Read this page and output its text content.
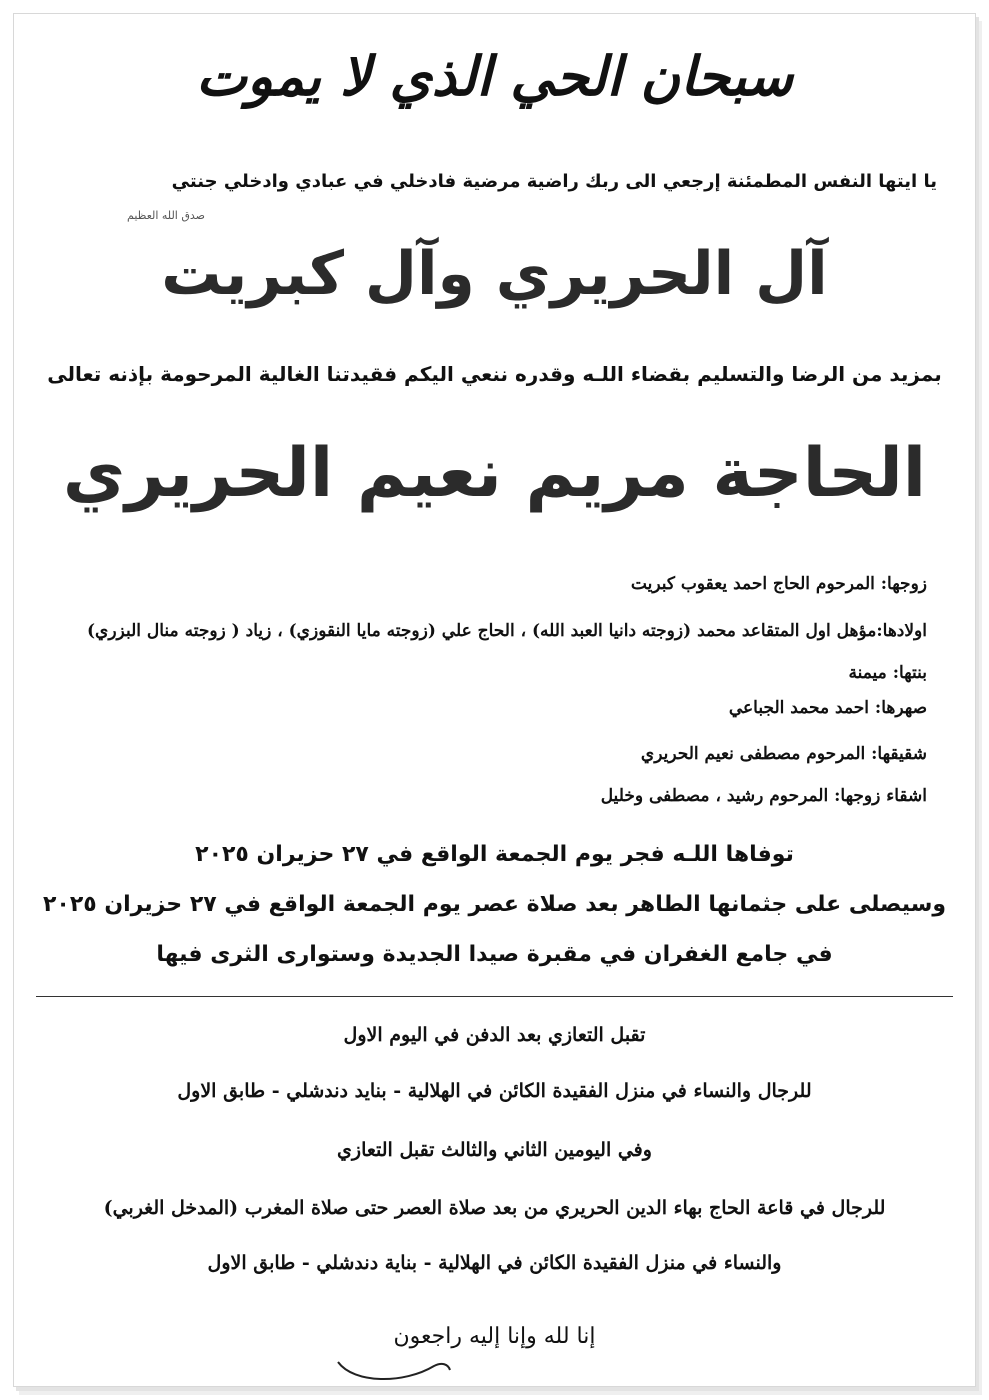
سبحان الحي الذي لا يموت
يا ايتها النفس المطمئنة إرجعي الى ربك راضية مرضية فادخلي في عبادي وادخلي جنتي
صدق الله العظيم
آل الحريري وآل كبريت
بمزيد من الرضا والتسليم بقضاء اللـه وقدره ننعي اليكم فقيدتنا الغالية المرحومة بإذنه تعالى
الحاجة مريم نعيم الحريري
زوجها: المرحوم الحاج احمد يعقوب كبريت
اولادها:مؤهل اول المتقاعد محمد (زوجته دانيا العبد الله) ، الحاج علي (زوجته مايا النقوزي) ، زياد ( زوجته منال البزري)
بنتها: ميمنة
صهرها: احمد محمد الجباعي
شقيقها: المرحوم مصطفى نعيم الحريري
اشقاء زوجها: المرحوم رشيد ، مصطفى وخليل
توفاها اللـه فجر يوم الجمعة الواقع في ٢٧ حزيران ٢٠٢٥
وسيصلى على جثمانها الطاهر بعد صلاة عصر يوم الجمعة الواقع في ٢٧ حزيران ٢٠٢٥
في جامع الغفران في مقبرة صيدا الجديدة وستوارى الثرى فيها
تقبل التعازي بعد الدفن في اليوم الاول
للرجال والنساء في منزل الفقيدة الكائن في الهلالية - بنايد دندشلي - طابق الاول
وفي اليومين الثاني والثالث تقبل التعازي
للرجال في قاعة الحاج بهاء الدين الحريري من بعد صلاة العصر حتى صلاة المغرب (المدخل الغربي)
والنساء في منزل الفقيدة الكائن في الهلالية - بناية دندشلي - طابق الاول
إنا لله وإنا إليه راجعون
